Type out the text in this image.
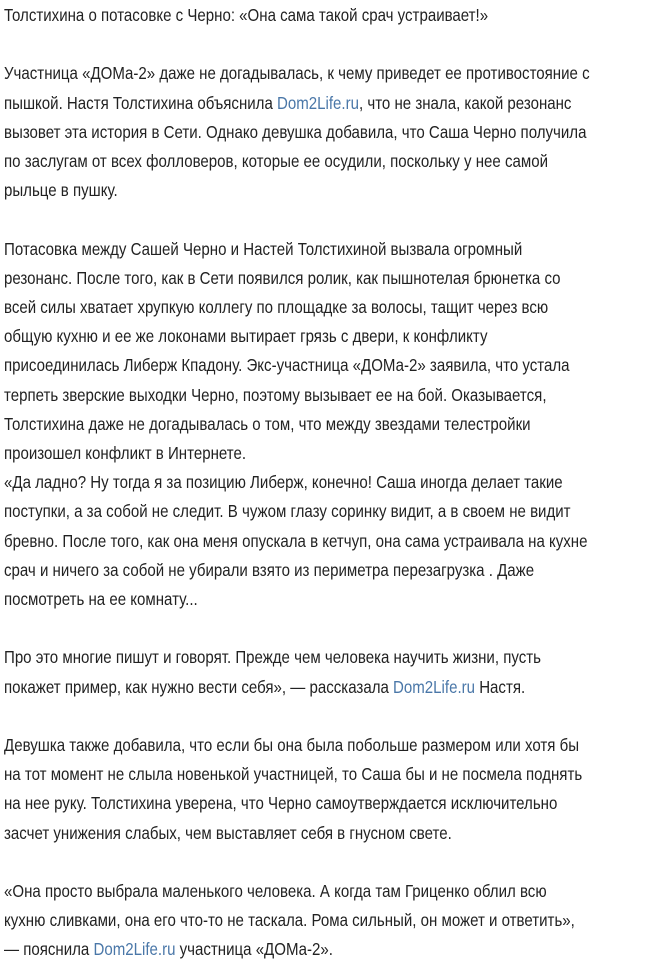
Толстихина о потасовке с Черно: «Она сама такой срач устраивает!»
Участница «ДОМа-2» даже не догадывалась, к чему приведет ее противостояние с
пышкой. Настя Толстихина объяснила Dom2Life.ru, что не знала, какой резонанс
вызовет эта история в Сети. Однако девушка добавила, что Саша Черно получила
по заслугам от всех фолловеров, которые ее осудили, поскольку у нее самой
рыльце в пушку.
Потасовка между Сашей Черно и Настей Толстихиной вызвала огромный
резонанс. После того, как в Сети появился ролик, как пышнотелая брюнетка со
всей силы хватает хрупкую коллегу по площадке за волосы, тащит через всю
общую кухню и ее же локонами вытирает грязь с двери, к конфликту
присоединилась Либерж Кпадону. Экс-участница «ДОМа-2» заявила, что устала
терпеть зверские выходки Черно, поэтому вызывает ее на бой. Оказывается,
Толстихина даже не догадывалась о том, что между звездами телестройки
произошел конфликт в Интернете.
«Да ладно? Ну тогда я за позицию Либерж, конечно! Саша иногда делает такие
поступки, а за собой не следит. В чужом глазу соринку видит, а в своем не видит
бревно. После того, как она меня опускала в кетчуп, она сама устраивала на кухне
срач и ничего за собой не убирали взято из периметра перезагрузка . Даже
посмотреть на ее комнату...
Про это многие пишут и говорят. Прежде чем человека научить жизни, пусть
покажет пример, как нужно вести себя», — рассказала Dom2Life.ru Настя.
Девушка также добавила, что если бы она была побольше размером или хотя бы
на тот момент не слыла новенькой участницей, то Саша бы и не посмела поднять
на нее руку. Толстихина уверена, что Черно самоутверждается исключительно
засчет унижения слабых, чем выставляет себя в гнусном свете.
«Она просто выбрала маленького человека. А когда там Гриценко облил всю
кухню сливками, она его что-то не таскала. Рома сильный, он может и ответить»,
— пояснила Dom2Life.ru участница «ДОМа-2».
